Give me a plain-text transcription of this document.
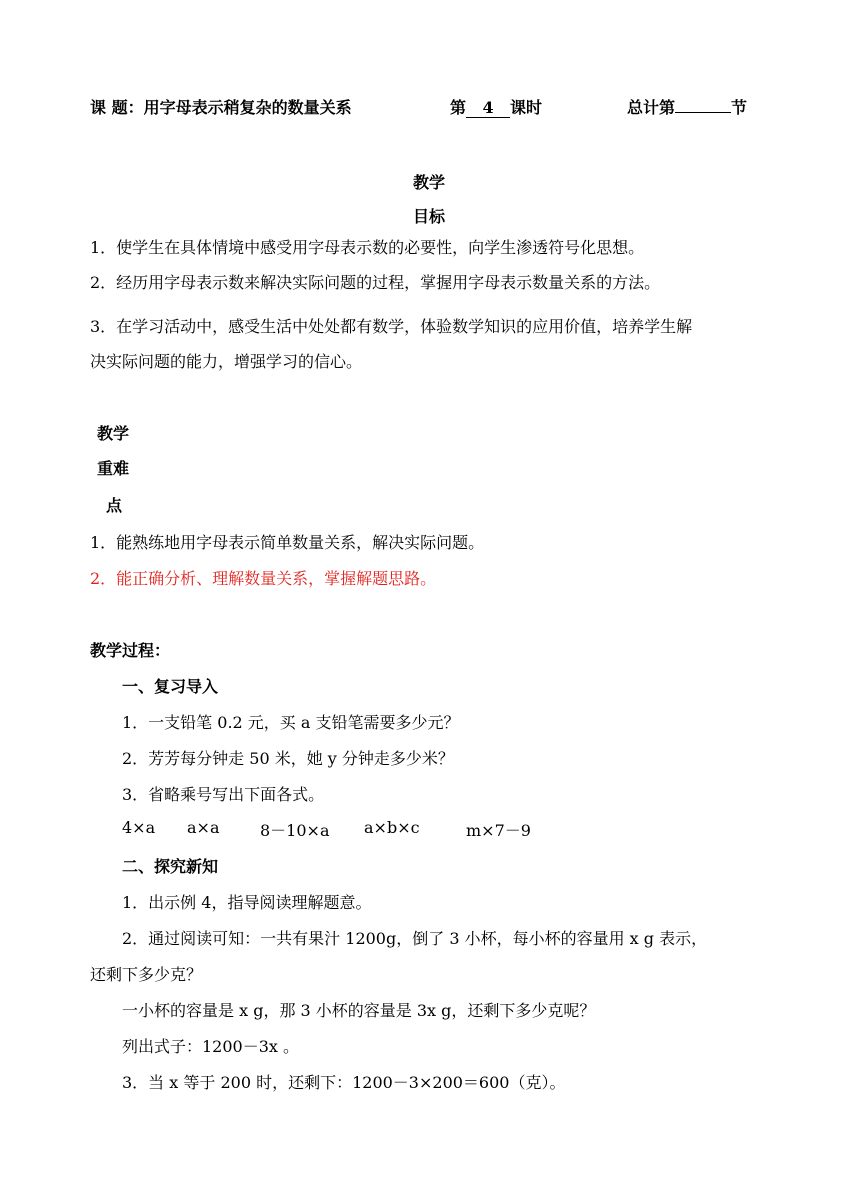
课 题：用字母表示稍复杂的数量关系	第 4 课时	总计第	节
教学
目标
1．使学生在具体情境中感受用字母表示数的必要性，向学生渗透符号化思想。
2．经历用字母表示数来解决实际问题的过程，掌握用字母表示数量关系的方法。
3．在学习活动中，感受生活中处处都有数学，体验数学知识的应用价值，培养学生解
决实际问题的能力，增强学习的信心。
教学
重难
点
1．能熟练地用字母表示简单数量关系，解决实际问题。
2．能正确分析、理解数量关系，掌握解题思路。
教学过程：
一、复习导入
1．一支铅笔 0.2 元，买 a 支铅笔需要多少元？
2．芳芳每分钟走 50 米，她 y 分钟走多少米？
3．省略乘号写出下面各式。
4×a a×a	8－10×a a×b×c	m×7－9
二、探究新知
1．出示例 4，指导阅读理解题意。
2．通过阅读可知：一共有果汁 1200g，倒了 3 小杯，每小杯的容量用 x g 表示，
还剩下多少克？
一小杯的容量是 x g，那 3 小杯的容量是 3x g，还剩下多少克呢？
列出式子：1200－3x 。
3．当 x 等于 200 时，还剩下：1200－3×200＝600（克）。
